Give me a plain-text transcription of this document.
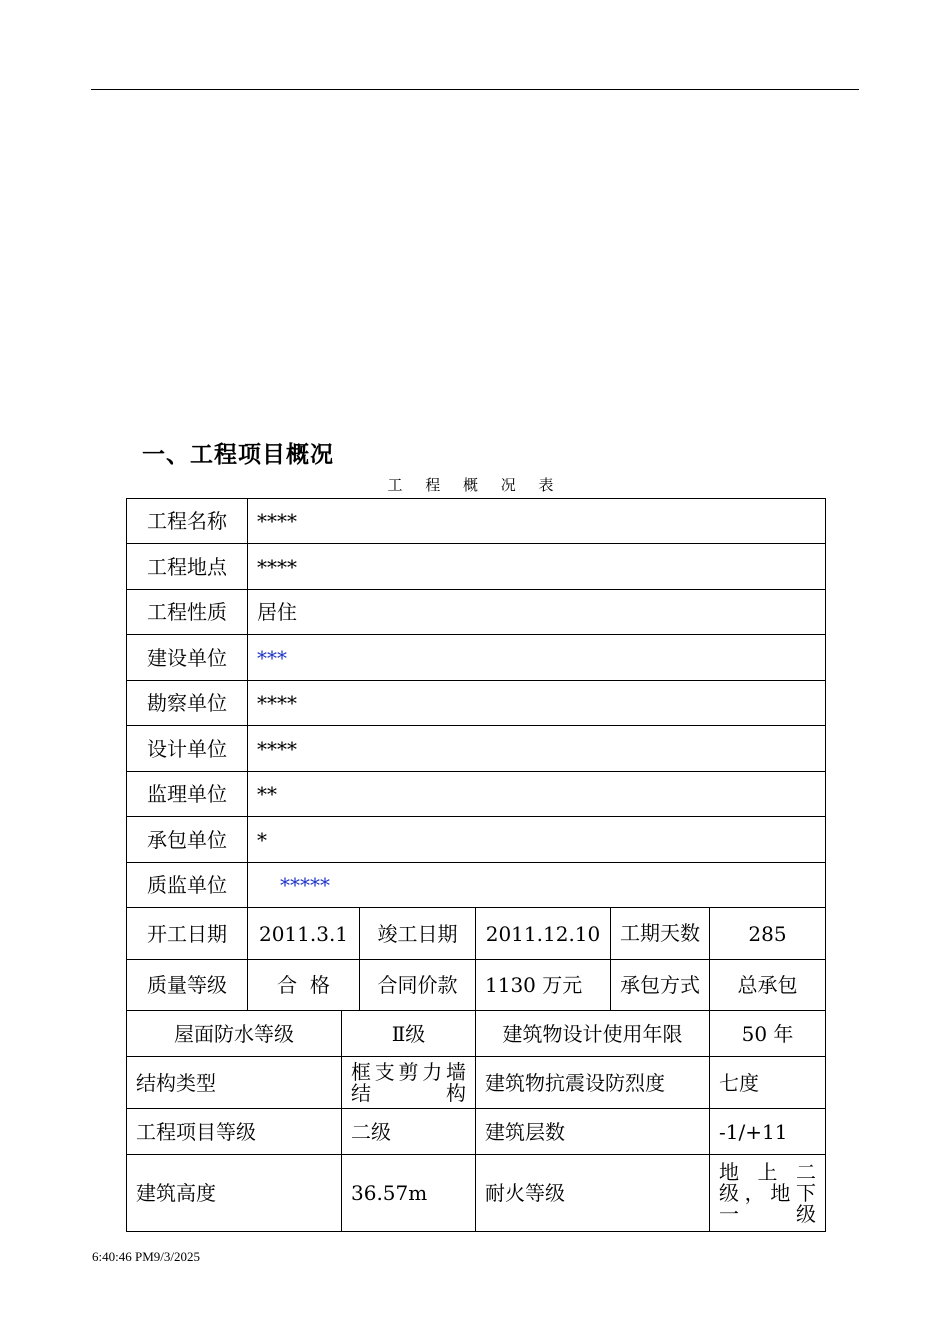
一、工程项目概况
工 程 概 况 表
工程名称	****					
工程地点	****					
工程性质	居住					
建设单位	***					
勘察单位	****					
设计单位	****					
监理单位	**					
承包单位	*					
质监单位	*****					
开工日期	2011.3.1		竣工日期	2011.12.10	工期天数	285
质量等级	合  格		合同价款	1130 万元	承包方式	总承包
屋面防水等级		Ⅱ级		建筑物设计使用年限		50 年
结构类型		框支剪力墙结构		建筑物抗震设防烈度		七度
工程项目等级		二级		建筑层数		-1/+11
建筑高度		36.57m		耐火等级		地上二级，地下一级
6:40:46 PM9/3/2025
